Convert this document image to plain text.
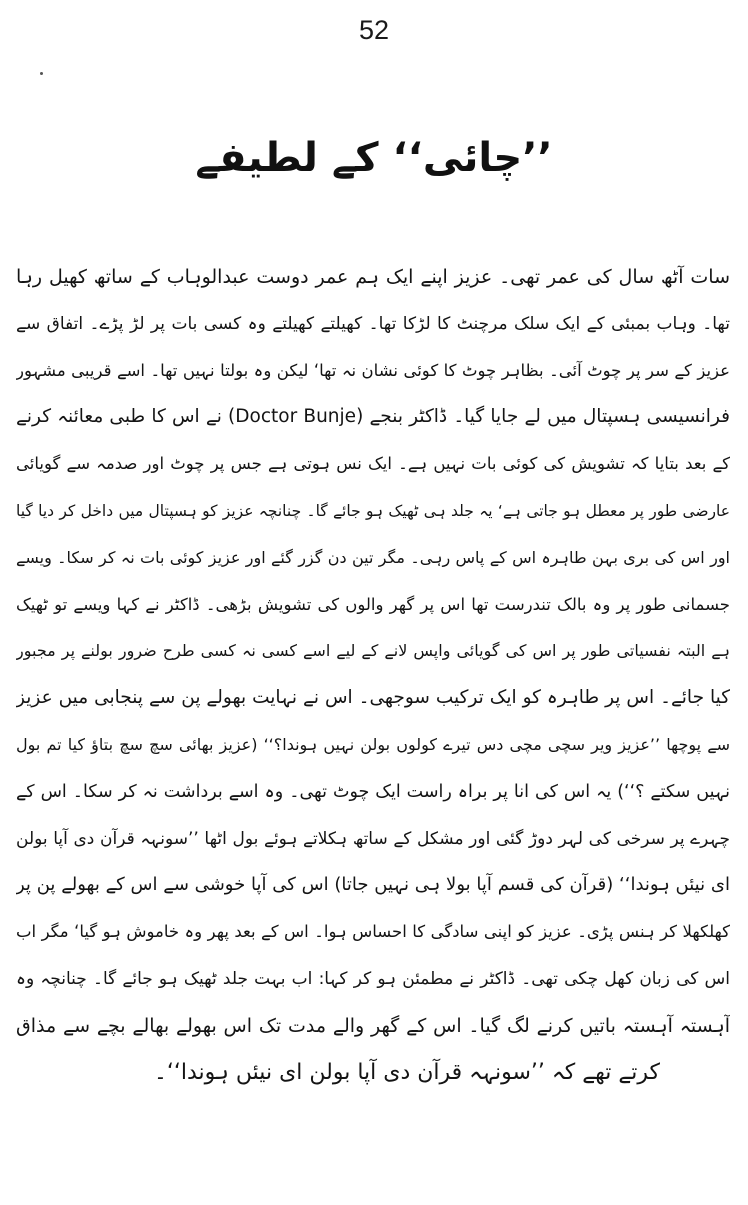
52
’’چائی‘‘ کے لطیفے
سات آٹھ سال کی عمر تھی۔ عزیز اپنے ایک ہم عمر دوست عبدالوہاب کے ساتھ کھیل رہا
تھا۔ وہاب بمبئی کے ایک سلک مرچنٹ کا لڑکا تھا۔ کھیلتے کھیلتے وہ کسی بات پر لڑ پڑے۔ اتفاق سے
عزیز کے سر پر چوٹ آئی۔ بظاہر چوٹ کا کوئی نشان نہ تھا‘ لیکن وہ بولتا نہیں تھا۔ اسے قریبی مشہور
فرانسیسی ہسپتال میں لے جایا گیا۔ ڈاکٹر بنجے (Doctor Bunje) نے اس کا طبی معائنہ کرنے
کے بعد بتایا کہ تشویش کی کوئی بات نہیں ہے۔ ایک نس ہوتی ہے جس پر چوٹ اور صدمہ سے گویائی
عارضی طور پر معطل ہو جاتی ہے‘ یہ جلد ہی ٹھیک ہو جائے گا۔ چنانچہ عزیز کو ہسپتال میں داخل کر دیا گیا
اور اس کی بری بہن طاہرہ اس کے پاس رہی۔ مگر تین دن گزر گئے اور عزیز کوئی بات نہ کر سکا۔ ویسے
جسمانی طور پر وہ بالک تندرست تھا اس پر گھر والوں کی تشویش بڑھی۔ ڈاکٹر نے کہا ویسے تو ٹھیک
ہے البتہ نفسیاتی طور پر اس کی گویائی واپس لانے کے لیے اسے کسی نہ کسی طرح ضرور بولنے پر مجبور
کیا جائے۔ اس پر طاہرہ کو ایک ترکیب سوجھی۔ اس نے نہایت بھولے پن سے پنجابی میں عزیز
سے پوچھا ’’عزیز ویر سچی مچی دس تیرے کولوں بولن نہیں ہوندا؟‘‘ (عزیز بھائی سچ سچ بتاؤ کیا تم بول
نہیں سکتے ؟‘‘) یہ اس کی انا پر براہ راست ایک چوٹ تھی۔ وہ اسے برداشت نہ کر سکا۔ اس کے
چہرے پر سرخی کی لہر دوڑ گئی اور مشکل کے ساتھ ہکلاتے ہوئے بول اٹھا ’’سونہہ قرآن دی آپا بولن
ای نیئں ہوندا‘‘ (قرآن کی قسم آپا بولا ہی نہیں جاتا) اس کی آپا خوشی سے اس کے بھولے پن پر
کھلکھلا کر ہنس پڑی۔ عزیز کو اپنی سادگی کا احساس ہوا۔ اس کے بعد پھر وہ خاموش ہو گیا‘ مگر اب
اس کی زبان کھل چکی تھی۔ ڈاکٹر نے مطمئن ہو کر کہا: اب بہت جلد ٹھیک ہو جائے گا۔ چنانچہ وہ
آہستہ آہستہ باتیں کرنے لگ گیا۔ اس کے گھر والے مدت تک اس بھولے بھالے بچے سے مذاق
کرتے تھے کہ ’’سونہہ قرآن دی آپا بولن ای نیئں ہوندا‘‘۔
